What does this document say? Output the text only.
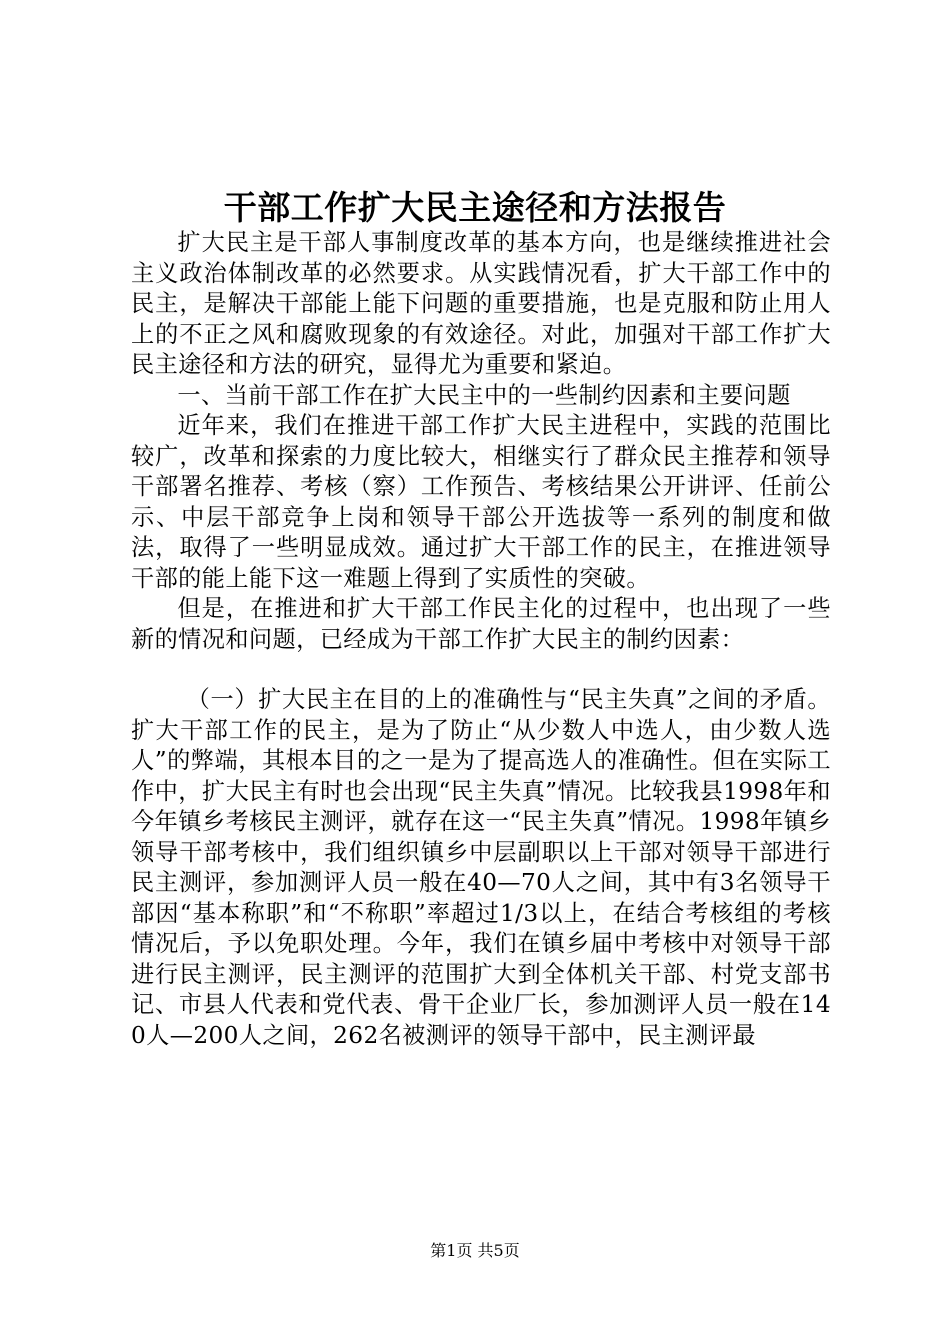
干部工作扩大民主途径和方法报告

扩大民主是干部人事制度改革的基本方向，也是继续推进社会主义政治体制改革的必然要求。从实践情况看，扩大干部工作中的民主，是解决干部能上能下问题的重要措施，也是克服和防止用人上的不正之风和腐败现象的有效途径。对此，加强对干部工作扩大民主途径和方法的研究，显得尤为重要和紧迫。

一、当前干部工作在扩大民主中的一些制约因素和主要问题

近年来，我们在推进干部工作扩大民主进程中，实践的范围比较广，改革和探索的力度比较大，相继实行了群众民主推荐和领导干部署名推荐、考核（察）工作预告、考核结果公开讲评、任前公示、中层干部竞争上岗和领导干部公开选拔等一系列的制度和做法，取得了一些明显成效。通过扩大干部工作的民主，在推进领导干部的能上能下这一难题上得到了实质性的突破。

但是，在推进和扩大干部工作民主化的过程中，也出现了一些新的情况和问题，已经成为干部工作扩大民主的制约因素：

（一）扩大民主在目的上的准确性与“民主失真”之间的矛盾。扩大干部工作的民主，是为了防止“从少数人中选人，由少数人选人”的弊端，其根本目的之一是为了提高选人的准确性。但在实际工作中，扩大民主有时也会出现“民主失真”情况。比较我县1998年和今年镇乡考核民主测评，就存在这一“民主失真”情况。1998年镇乡领导干部考核中，我们组织镇乡中层副职以上干部对领导干部进行民主测评，参加测评人员一般在40—70人之间，其中有3名领导干部因“基本称职”和“不称职”率超过1/3以上，在结合考核组的考核情况后，予以免职处理。今年，我们在镇乡届中考核中对领导干部进行民主测评，民主测评的范围扩大到全体机关干部、村党支部书记、市县人代表和党代表、骨干企业厂长，参加测评人员一般在140人—200人之间，262名被测评的领导干部中，民主测评最

第1页 共5页
